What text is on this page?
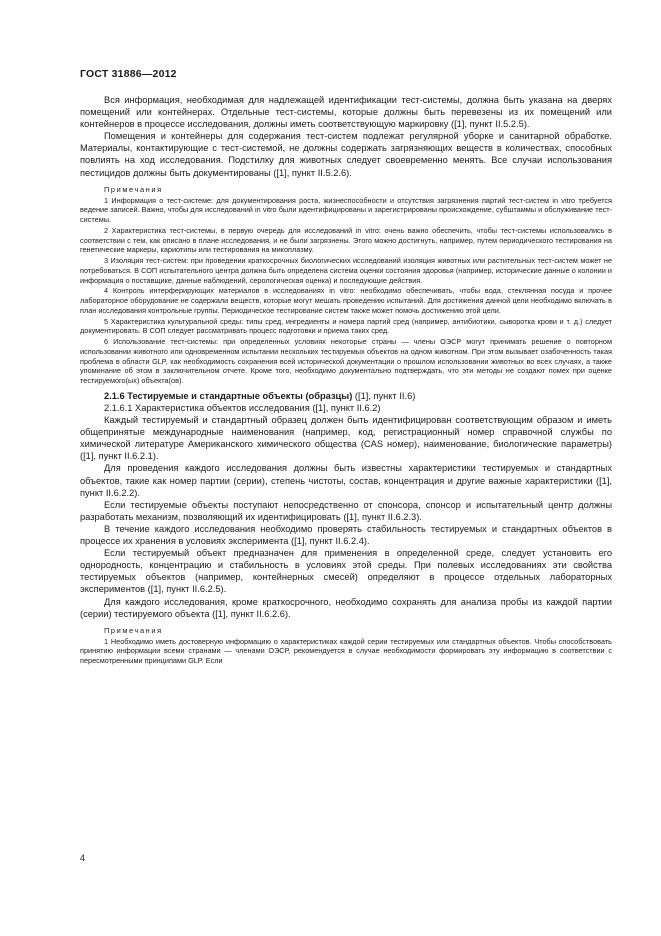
ГОСТ 31886—2012

Вся информация, необходимая для надлежащей идентификации тест-системы, должна быть указана на дверях помещений или контейнерах. Отдельные тест-системы, которые должны быть перевезены из их помещений или контейнеров в процессе исследования, должны иметь соответствующую маркировку ([1], пункт II.5.2.5).

Помещения и контейнеры для содержания тест-систем подлежат регулярной уборке и санитарной обработке. Материалы, контактирующие с тест-системой, не должны содержать загрязняющих веществ в количествах, способных повлиять на ход исследования. Подстилку для животных следует своевременно менять. Все случаи использования пестицидов должны быть документированы ([1], пункт II.5.2.6).

Примечания

1 Информация о тест-системе: для документирования роста, жизнеспособности и отсутствия загрязнения партий тест-систем in vitro требуется ведение записей. Важно, чтобы для исследований in vitro были идентифицированы и зарегистрированы происхождение, субштаммы и обслуживание тест-системы.

2 Характеристика тест-системы, в первую очередь для исследований in vitro: очень важно обеспечить, чтобы тест-системы использовались в соответствии с тем, как описано в плане исследования, и не были загрязнены. Этого можно достигнуть, например, путем периодического тестирования на генетические маркеры, кариотипы или тестирования на микоплазму.

3 Изоляция тест-систем: при проведении краткосрочных биологических исследований изоляция животных или растительных тест-систем может не потребоваться. В СОП испытательного центра должна быть определена система оценки состояния здоровья (например, исторические данные о колонии и информация о поставщике, данные наблюдений, серологическая оценка) и последующие действия.

4 Контроль интерферирующих материалов в исследованиях in vitro: необходимо обеспечивать, чтобы вода, стеклянная посуда и прочее лабораторное оборудование не содержали веществ, которые могут мешать проведению испытаний. Для достижения данной цели необходимо включать в план исследования контрольные группы. Периодическое тестирование систем также может помочь достижению этой цели.

5 Характеристика культуральной среды: типы сред, ингредиенты и номера партий сред (например, антибиотики, сыворотка крови и т. д.) следует документировать. В СОП следует рассматривать процесс подготовки и приема таких сред.

6 Использование тест-системы: при определенных условиях некоторые страны — члены ОЭСР могут принимать решение о повторном использовании животного или одновременном испытании нескольких тестируемых объектов на одном животном. При этом вызывает озабоченность такая проблема в области GLP, как необходимость сохранения всей исторической документации о прошлом использовании животных во всех случаях, а также упоминание об этом в заключительном отчете. Кроме того, необходимо документально подтверждать, что эти методы не создают помех при оценке тестируемого(ых) объекта(ов).

2.1.6 Тестируемые и стандартные объекты (образцы) ([1], пункт II.6)

2.1.6.1 Характеристика объектов исследования ([1], пункт II.6.2)

Каждый тестируемый и стандартный образец должен быть идентифицирован соответствующим образом и иметь общепринятые международные наименования (например, код, регистрационный номер справочной службы по химической литературе Американского химического общества (CAS номер), наименование, биологические параметры) ([1], пункт II.6.2.1).

Для проведения каждого исследования должны быть известны характеристики тестируемых и стандартных объектов, такие как номер партии (серии), степень чистоты, состав, концентрация и другие важные характеристики ([1], пункт II.6.2.2).

Если тестируемые объекты поступают непосредственно от спонсора, спонсор и испытательный центр должны разработать механизм, позволяющий их идентифицировать ([1], пункт II.6.2.3).

В течение каждого исследования необходимо проверять стабильность тестируемых и стандартных объектов в процессе их хранения в условиях эксперимента ([1], пункт II.6.2.4).

Если тестируемый объект предназначен для применения в определенной среде, следует установить его однородность, концентрацию и стабильность в условиях этой среды. При полевых исследованиях эти свойства тестируемых объектов (например, контейнерных смесей) определяют в процессе отдельных лабораторных экспериментов ([1], пункт II.6.2.5).

Для каждого исследования, кроме краткосрочного, необходимо сохранять для анализа пробы из каждой партии (серии) тестируемого объекта ([1], пункт II.6.2.6).

Примечания

1 Необходимо иметь достоверную информацию о характеристиках каждой серии тестируемых или стандартных объектов. Чтобы способствовать принятию информации всеми странами — членами ОЭСР, рекомендуется в случае необходимости формировать эту информацию в соответствии с пересмотренными принципами GLP. Если

4
